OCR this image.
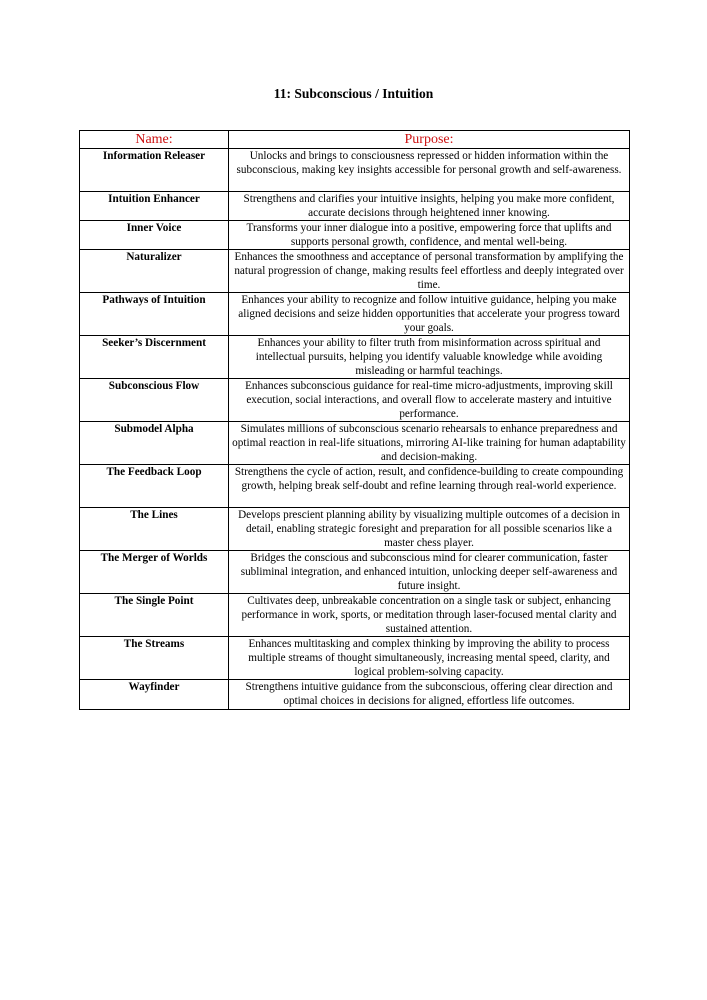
11: Subconscious / Intuition
Name:	Purpose:
Information Releaser	Unlocks and brings to consciousness repressed or hidden information within the subconscious, making key insights accessible for personal growth and self-awareness.
Intuition Enhancer	Strengthens and clarifies your intuitive insights, helping you make more confident, accurate decisions through heightened inner knowing.
Inner Voice	Transforms your inner dialogue into a positive, empowering force that uplifts and supports personal growth, confidence, and mental well-being.
Naturalizer	Enhances the smoothness and acceptance of personal transformation by amplifying the natural progression of change, making results feel effortless and deeply integrated over time.
Pathways of Intuition	Enhances your ability to recognize and follow intuitive guidance, helping you make aligned decisions and seize hidden opportunities that accelerate your progress toward your goals.
Seeker’s Discernment	Enhances your ability to filter truth from misinformation across spiritual and intellectual pursuits, helping you identify valuable knowledge while avoiding misleading or harmful teachings.
Subconscious Flow	Enhances subconscious guidance for real-time micro-adjustments, improving skill execution, social interactions, and overall flow to accelerate mastery and intuitive performance.
Submodel Alpha	Simulates millions of subconscious scenario rehearsals to enhance preparedness and optimal reaction in real-life situations, mirroring AI-like training for human adaptability and decision-making.
The Feedback Loop	Strengthens the cycle of action, result, and confidence-building to create compounding growth, helping break self-doubt and refine learning through real-world experience.
The Lines	Develops prescient planning ability by visualizing multiple outcomes of a decision in detail, enabling strategic foresight and preparation for all possible scenarios like a master chess player.
The Merger of Worlds	Bridges the conscious and subconscious mind for clearer communication, faster subliminal integration, and enhanced intuition, unlocking deeper self-awareness and future insight.
The Single Point	Cultivates deep, unbreakable concentration on a single task or subject, enhancing performance in work, sports, or meditation through laser-focused mental clarity and sustained attention.
The Streams	Enhances multitasking and complex thinking by improving the ability to process multiple streams of thought simultaneously, increasing mental speed, clarity, and logical problem-solving capacity.
Wayfinder	Strengthens intuitive guidance from the subconscious, offering clear direction and optimal choices in decisions for aligned, effortless life outcomes.
